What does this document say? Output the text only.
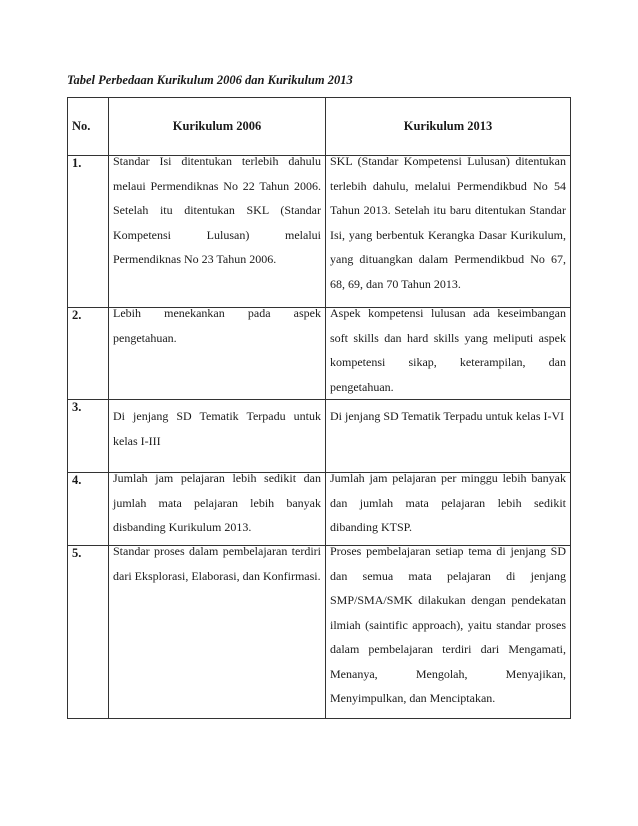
Tabel Perbedaan Kurikulum 2006 dan Kurikulum 2013
No.	Kurikulum 2006	Kurikulum 2013
1.	Standar Isi ditentukan terlebih dahulu melaui Permendiknas No 22 Tahun 2006. Setelah itu ditentukan SKL (Standar Kompetensi Lulusan) melalui Permendiknas No 23 Tahun 2006.	SKL (Standar Kompetensi Lulusan) ditentukan terlebih dahulu, melalui Permendikbud No 54 Tahun 2013. Setelah itu baru ditentukan Standar Isi, yang berbentuk Kerangka Dasar Kurikulum, yang dituangkan dalam Permendikbud No 67, 68, 69, dan 70 Tahun 2013.

2.	Lebih menekankan pada aspek pengetahuan.	Aspek kompetensi lulusan ada keseimbangan soft skills dan hard skills yang meliputi aspek kompetensi sikap, keterampilan, dan pengetahuan.

3.	Di jenjang SD Tematik Terpadu untuk kelas I-III	Di jenjang SD Tematik Terpadu untuk kelas I-VI

4.	Jumlah jam pelajaran lebih sedikit dan jumlah mata pelajaran lebih banyak disbanding Kurikulum 2013.	Jumlah jam pelajaran per minggu lebih banyak dan jumlah mata pelajaran lebih sedikit dibanding KTSP.

5.	Standar proses dalam pembelajaran terdiri dari Eksplorasi, Elaborasi, dan Konfirmasi.	Proses pembelajaran setiap tema di jenjang SD dan semua mata pelajaran di jenjang SMP/SMA/SMK dilakukan dengan pendekatan ilmiah (saintific approach), yaitu standar proses dalam pembelajaran terdiri dari Mengamati, Menanya, Mengolah, Menyajikan, Menyimpulkan, dan Menciptakan.
